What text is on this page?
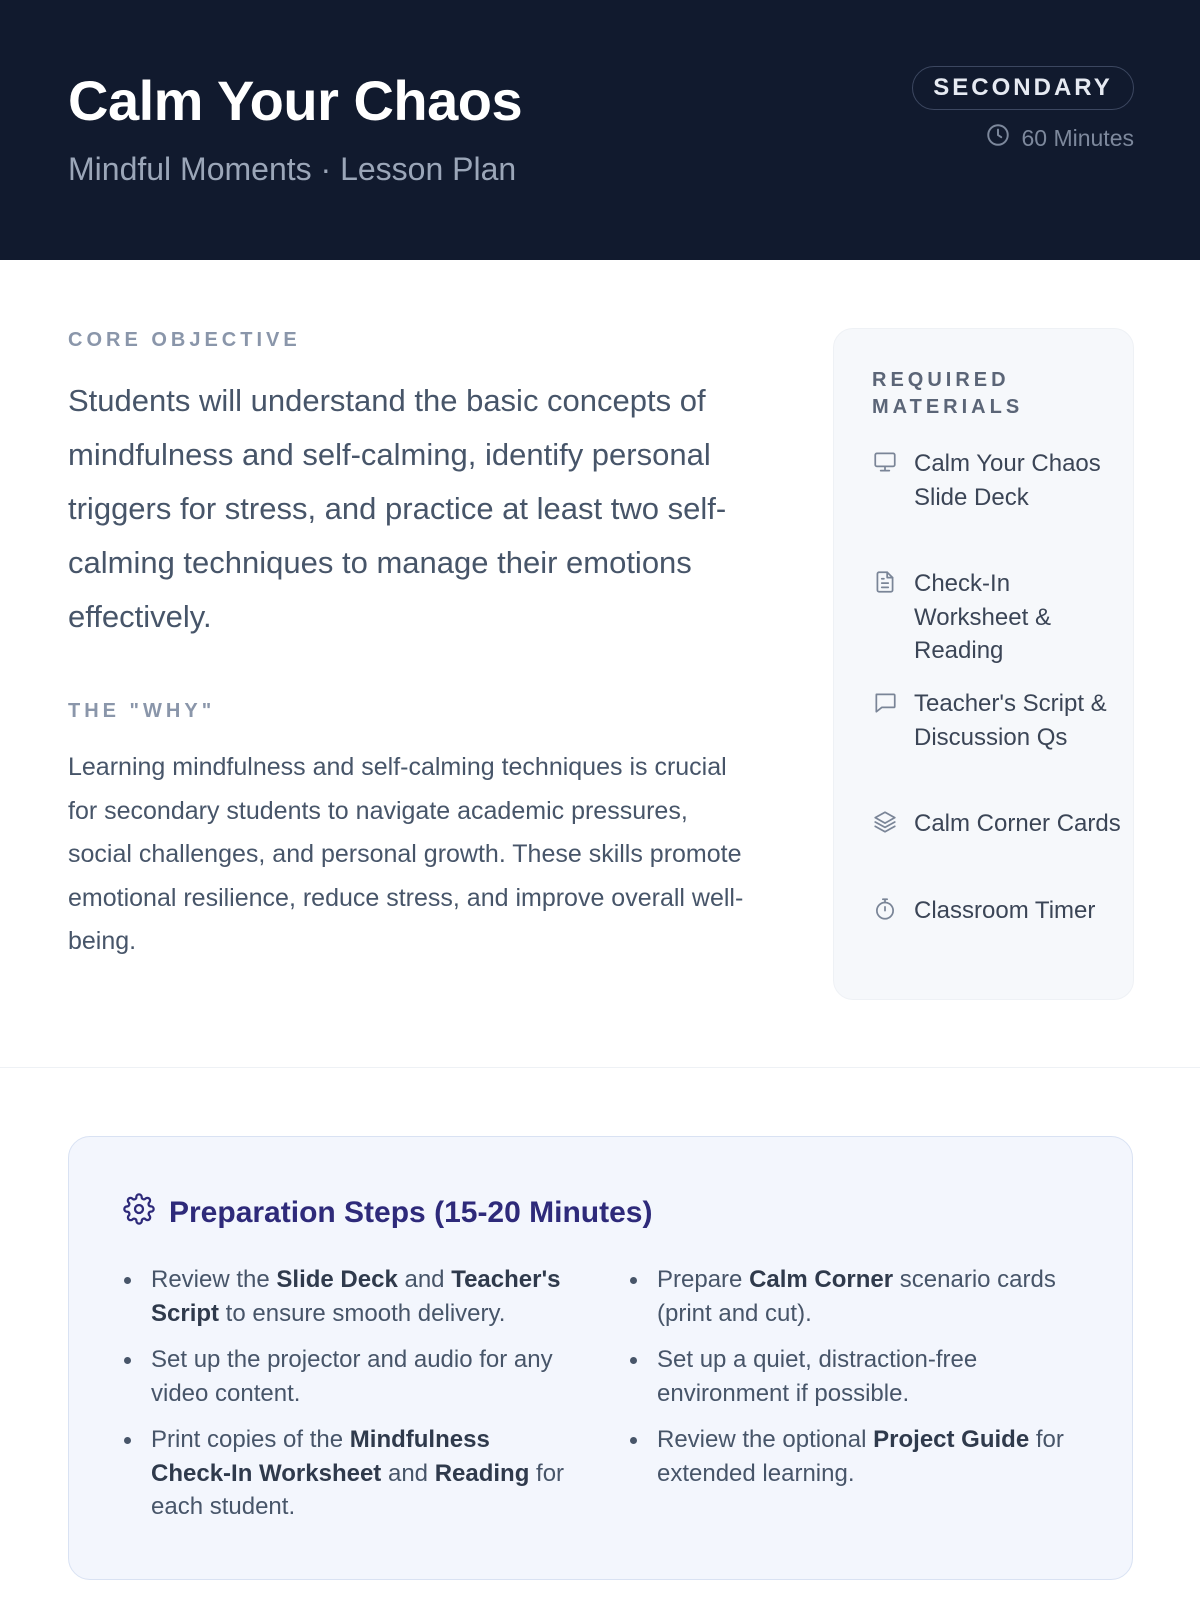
Calm Your Chaos
Mindful Moments · Lesson Plan
SECONDARY
60 Minutes
CORE OBJECTIVE
Students will understand the basic concepts of mindfulness and self-calming, identify personal triggers for stress, and practice at least two self-calming techniques to manage their emotions effectively.
THE "WHY"
Learning mindfulness and self-calming techniques is crucial for secondary students to navigate academic pressures, social challenges, and personal growth. These skills promote emotional resilience, reduce stress, and improve overall well-being.
REQUIRED MATERIALS
Calm Your Chaos Slide Deck
Check-In Worksheet & Reading
Teacher's Script & Discussion Qs
Calm Corner Cards
Classroom Timer
Preparation Steps (15-20 Minutes)
Review the Slide Deck and Teacher's Script to ensure smooth delivery.
Set up the projector and audio for any video content.
Print copies of the Mindfulness Check-In Worksheet and Reading for each student.
Prepare Calm Corner scenario cards (print and cut).
Set up a quiet, distraction-free environment if possible.
Review the optional Project Guide for extended learning.
